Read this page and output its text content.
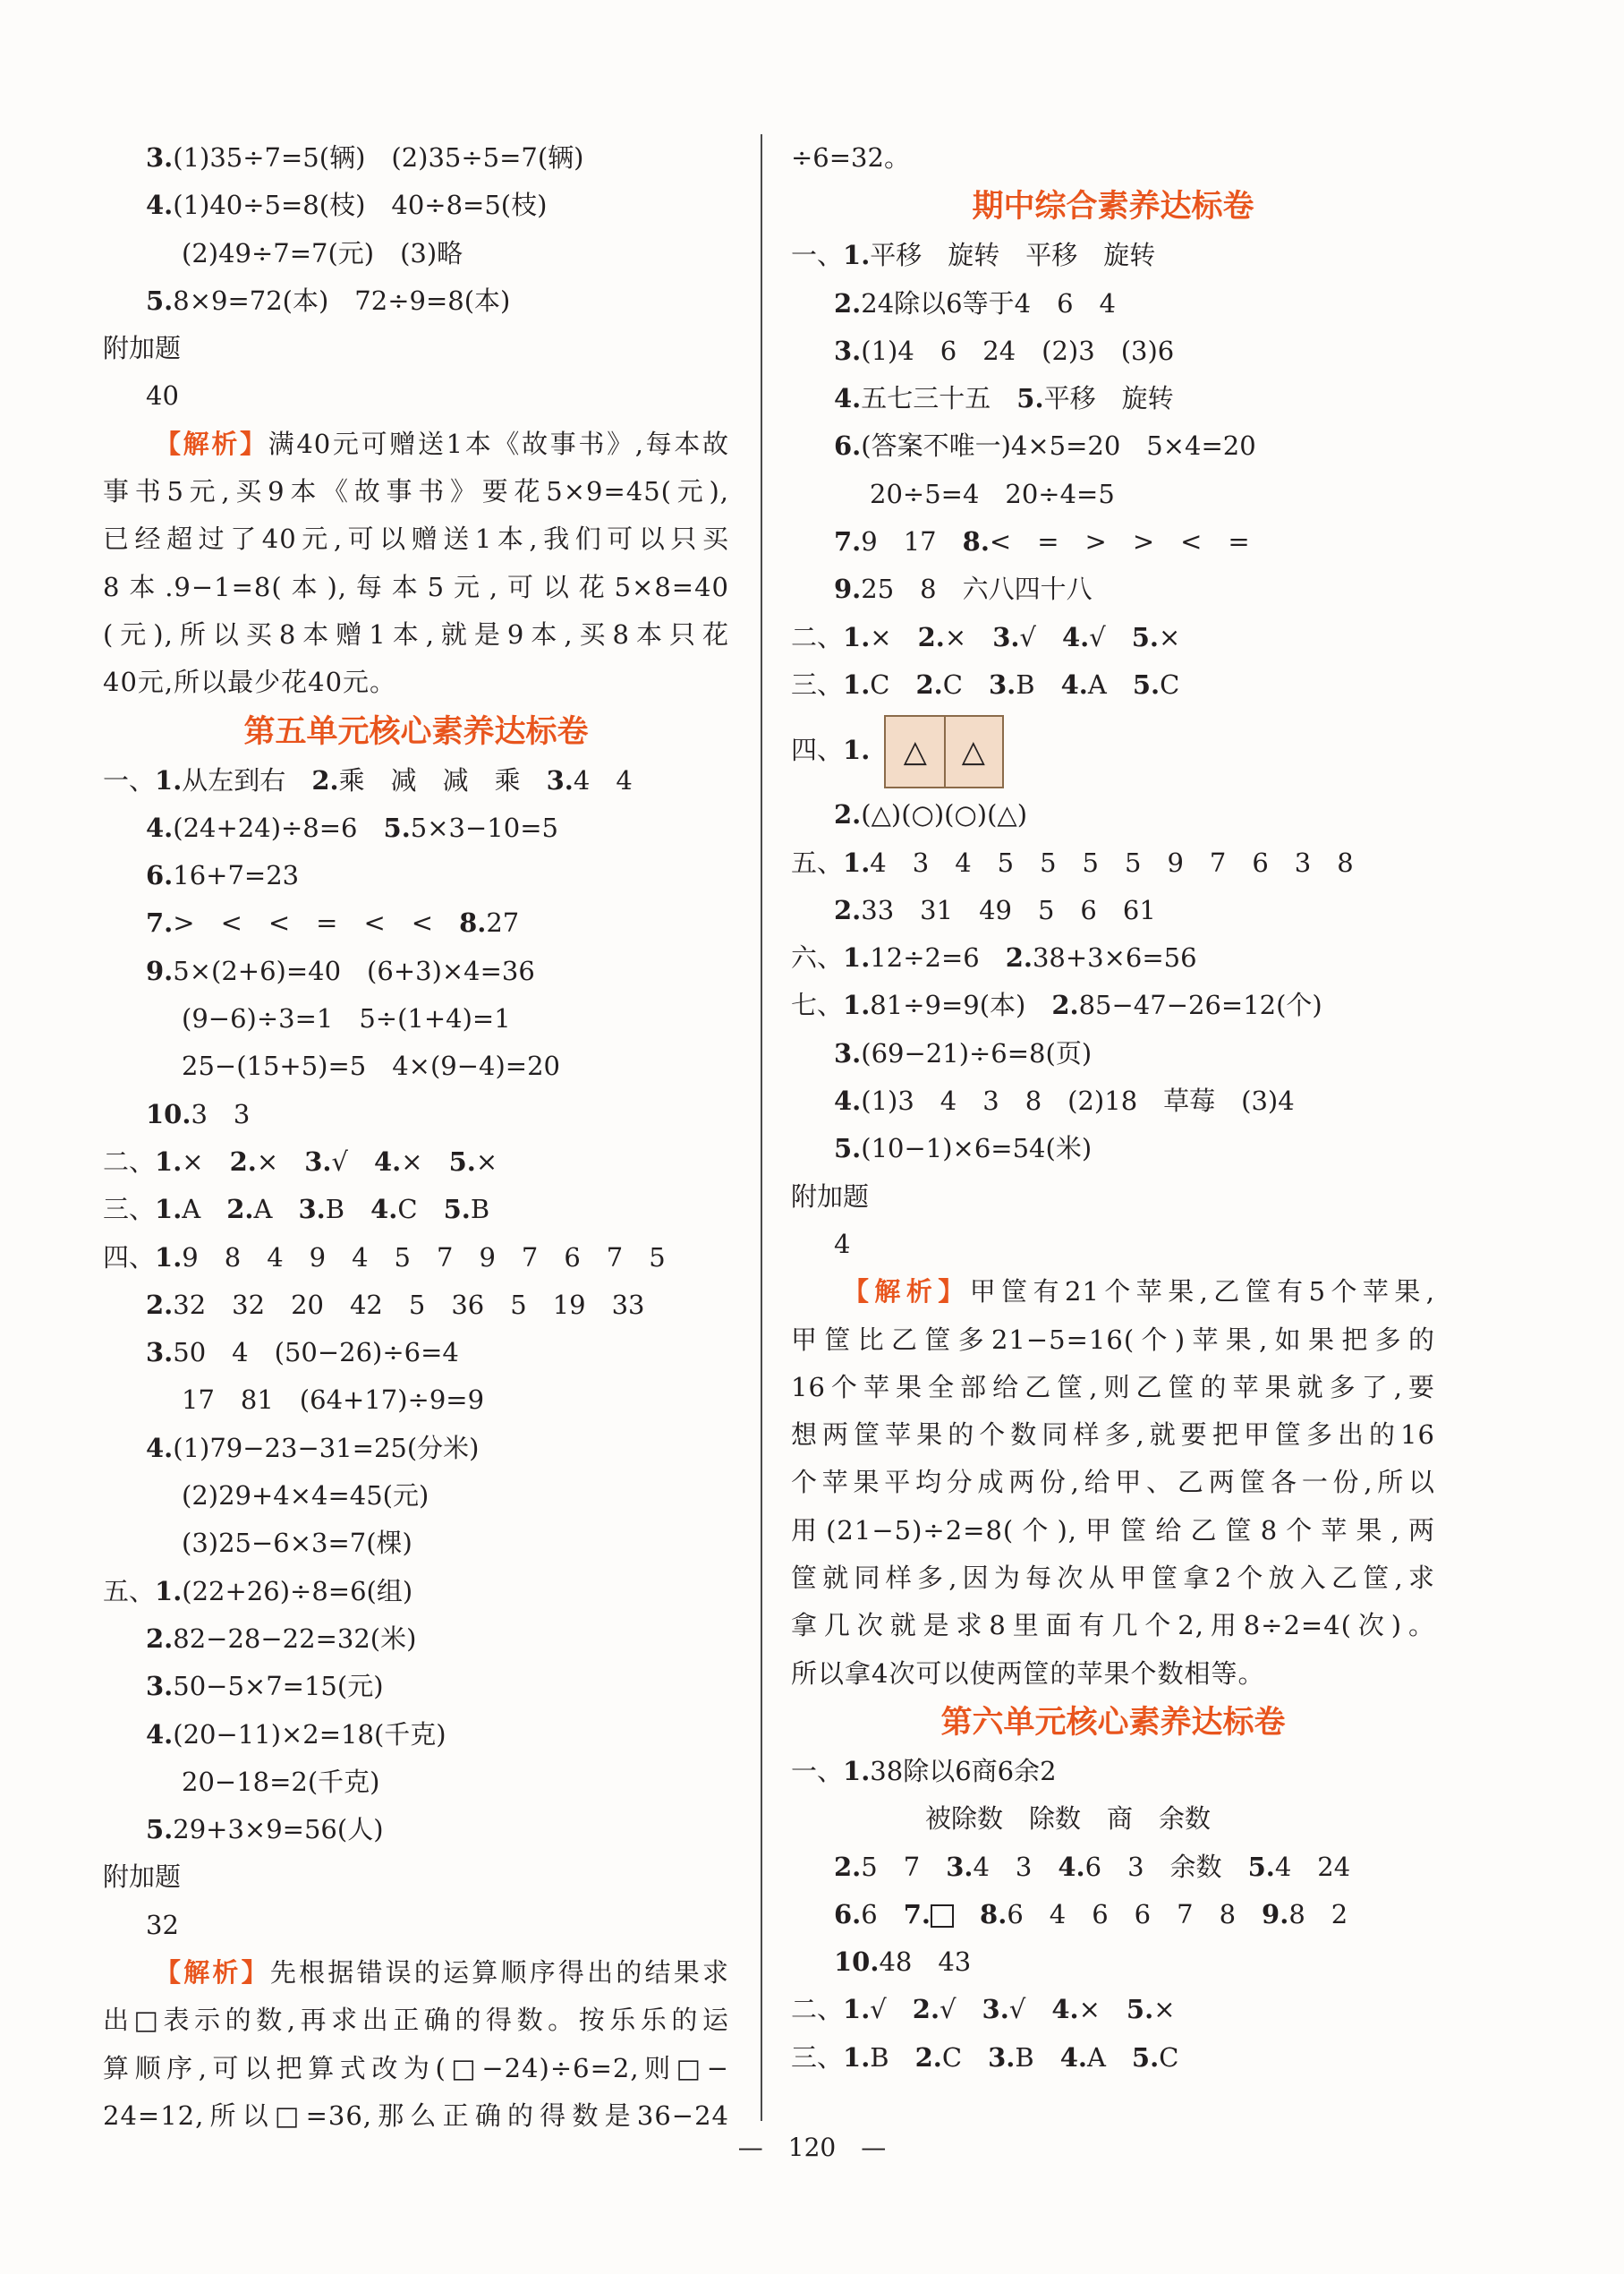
3.(1)35÷7=5(辆)　(2)35÷5=7(辆)
4.(1)40÷5=8(枝)　40÷8=5(枝)
(2)49÷7=7(元)　(3)略
5.8×9=72(本)　72÷9=8(本)
附加题
40
【解析】满40元可赠送1本《故事书》,每本故
事书5元,买9本《故事书》要花5×9=45(元),
已经超过了40元,可以赠送1本,我们可以只买
8本.9−1=8(本),每本5元,可以花5×8=40
(元),所以买8本赠1本,就是9本,买8本只花
40元,所以最少花40元。
第五单元核心素养达标卷
一、1.从左到右　2.乘　减　减　乘　3.4　4
4.(24+24)÷8=6　5.5×3−10=5
6.16+7=23
7.>　<　<　=　<　<　8.27
9.5×(2+6)=40　(6+3)×4=36
(9−6)÷3=1　5÷(1+4)=1
25−(15+5)=5　4×(9−4)=20
10.3　3
二、1.×　2.×　3.√　4.×　5.×
三、1.A　2.A　3.B　4.C　5.B
四、1.9　8　4　9　4　5　7　9　7　6　7　5
2.32　32　20　42　5　36　5　19　33
3.50　4　(50−26)÷6=4
17　81　(64+17)÷9=9
4.(1)79−23−31=25(分米)
(2)29+4×4=45(元)
(3)25−6×3=7(棵)
五、1.(22+26)÷8=6(组)
2.82−28−22=32(米)
3.50−5×7=15(元)
4.(20−11)×2=18(千克)
20−18=2(千克)
5.29+3×9=56(人)
附加题
32
【解析】先根据错误的运算顺序得出的结果求
出□表示的数,再求出正确的得数。按乐乐的运
算顺序,可以把算式改为(□−24)÷6=2,则□−
24=12,所以□=36,那么正确的得数是36−24
÷6=32。
期中综合素养达标卷
一、1.平移　旋转　平移　旋转
2.24除以6等于4　6　4
3.(1)4　6　24　(2)3　(3)6
4.五七三十五　5.平移　旋转
6.(答案不唯一)4×5=20　5×4=20
20÷5=4　20÷4=5
7.9　17　8.<　=　>　>　<　=
9.25　8　六八四十八
二、1.×　2.×　3.√　4.√　5.×
三、1.C　2.C　3.B　4.A　5.C
四、1.	△	△
2.(△)(○)(○)(△)
五、1.4　3　4　5　5　5　5　9　7　6　3　8
2.33　31　49　5　6　61
六、1.12÷2=6　2.38+3×6=56
七、1.81÷9=9(本)　2.85−47−26=12(个)
3.(69−21)÷6=8(页)
4.(1)3　4　3　8　(2)18　草莓　(3)4
5.(10−1)×6=54(米)
附加题
4
【解析】甲筐有21个苹果,乙筐有5个苹果,
甲筐比乙筐多21−5=16(个)苹果,如果把多的
16个苹果全部给乙筐,则乙筐的苹果就多了,要
想两筐苹果的个数同样多,就要把甲筐多出的16
个苹果平均分成两份,给甲、乙两筐各一份,所以
用(21−5)÷2=8(个),甲筐给乙筐8个苹果,两
筐就同样多,因为每次从甲筐拿2个放入乙筐,求
拿几次就是求8里面有几个2,用8÷2=4(次)。
所以拿4次可以使两筐的苹果个数相等。
第六单元核心素养达标卷
一、1.38除以6商6余2
被除数　除数　商　余数
2.5　7　3.4　3　4.6　3　余数　5.4　24
6.6　7.　 8.6　4　6　6　7　8　9.8　2
10.48　43
二、1.√　2.√　3.√　4.×　5.×
三、1.B　2.C　3.B　4.A　5.C
—　120　—
